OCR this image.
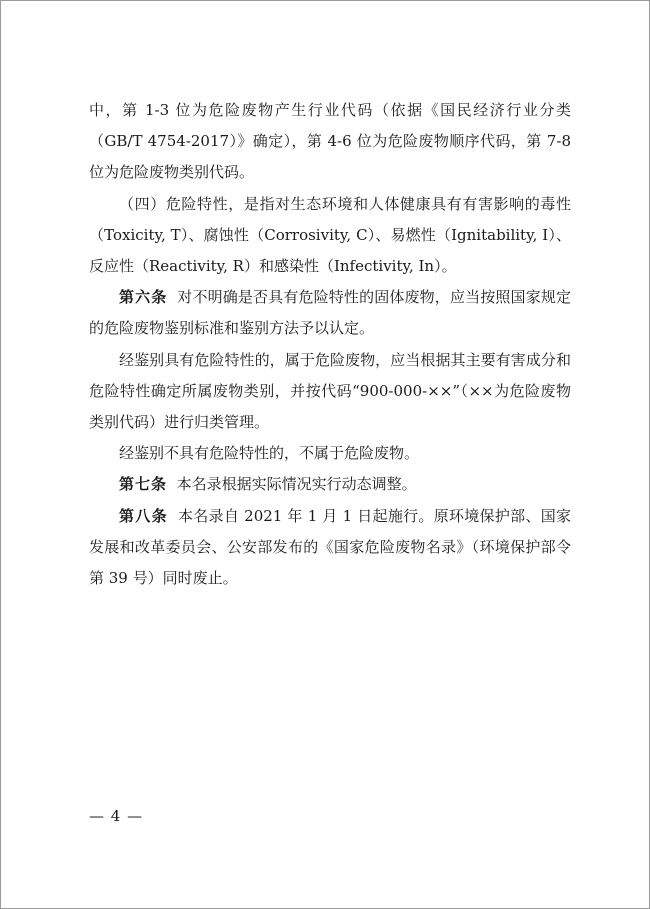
中，第 1-3 位为危险废物产生行业代码（依据《国民经济行业分类（GB/T 4754-2017）》确定），第 4-6 位为危险废物顺序代码，第 7-8 位为危险废物类别代码。

（四）危险特性，是指对生态环境和人体健康具有有害影响的毒性（Toxicity, T）、腐蚀性（Corrosivity, C）、易燃性（Ignitability, I）、反应性（Reactivity, R）和感染性（Infectivity, In）。

第六条 对不明确是否具有危险特性的固体废物，应当按照国家规定的危险废物鉴别标准和鉴别方法予以认定。

经鉴别具有危险特性的，属于危险废物，应当根据其主要有害成分和危险特性确定所属废物类别，并按代码“900-000-××”（××为危险废物类别代码）进行归类管理。

经鉴别不具有危险特性的，不属于危险废物。

第七条 本名录根据实际情况实行动态调整。

第八条 本名录自 2021 年 1 月 1 日起施行。原环境保护部、国家发展和改革委员会、公安部发布的《国家危险废物名录》（环境保护部令第 39 号）同时废止。

— 4 —
